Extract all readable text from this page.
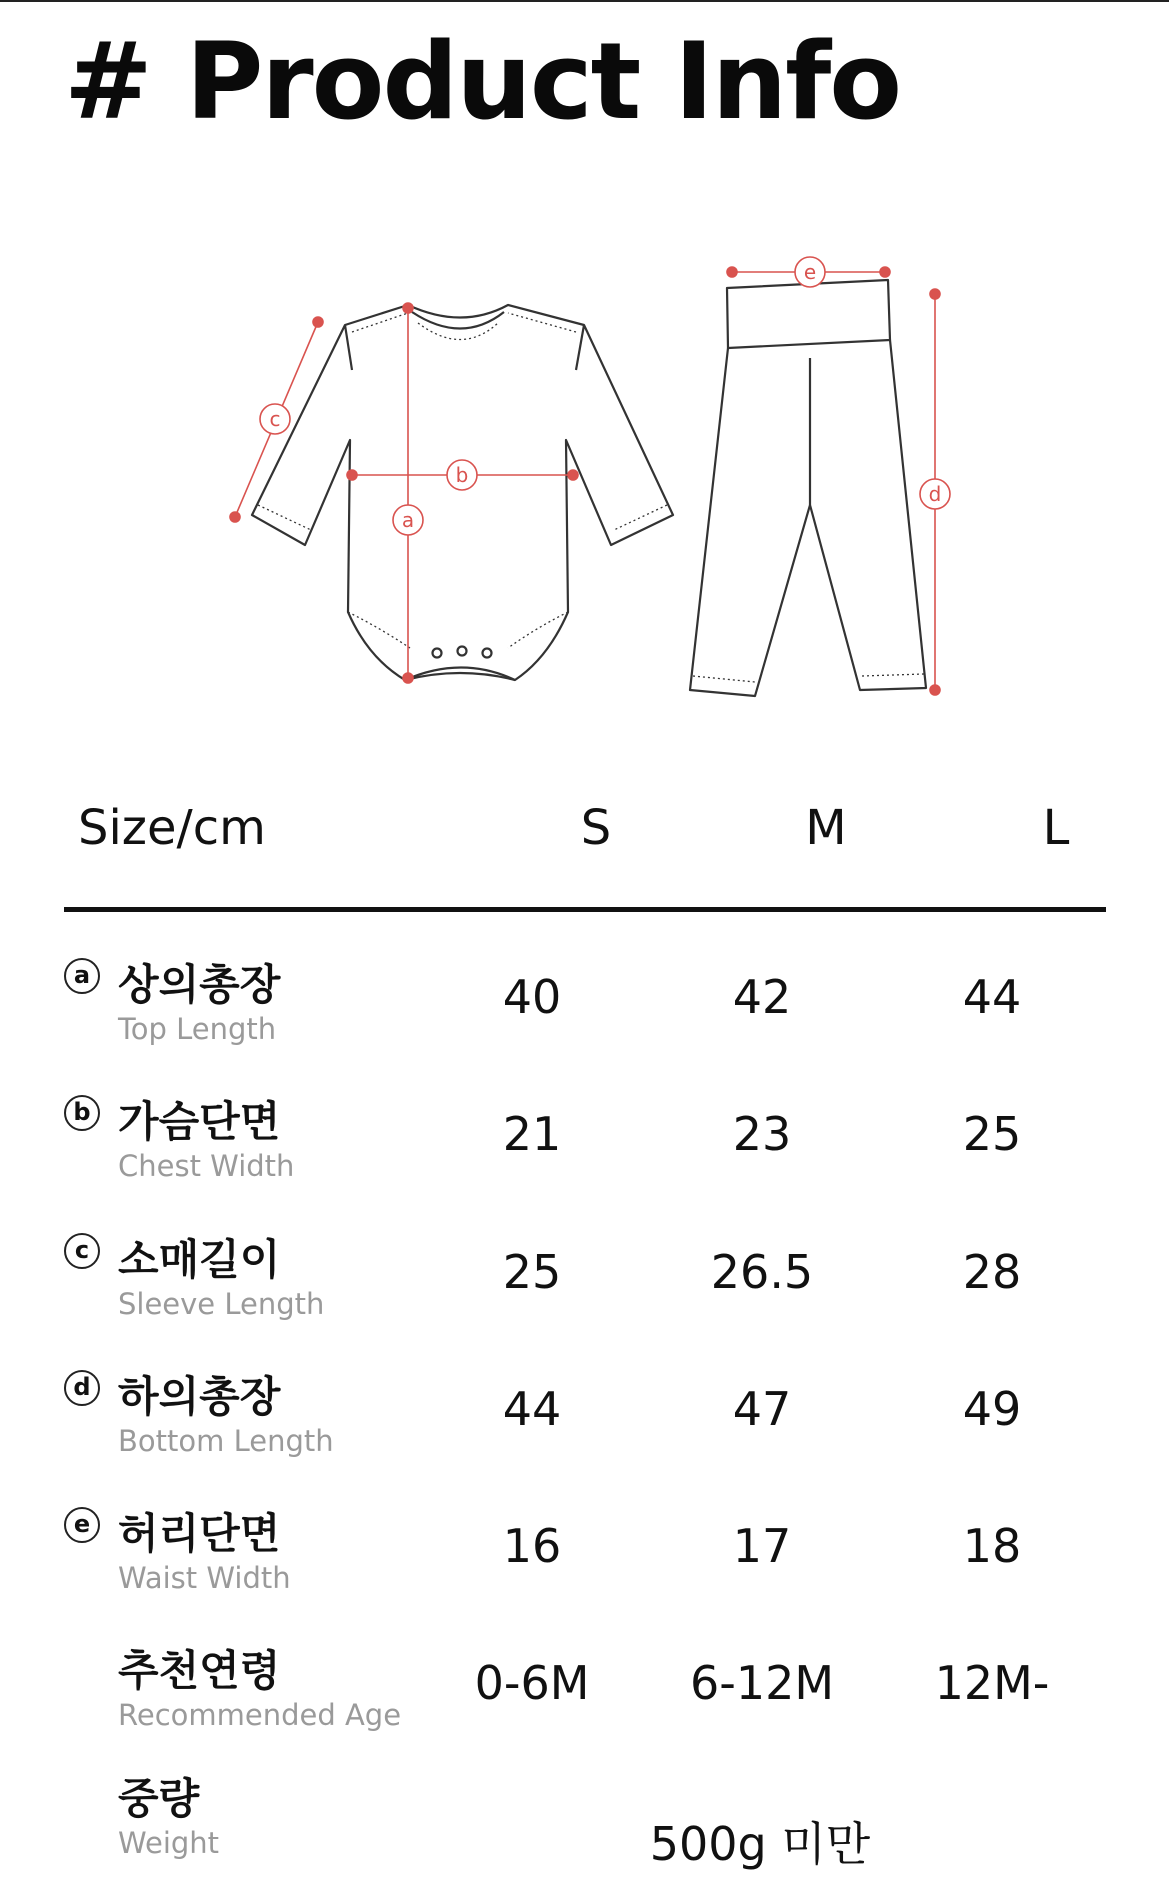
# Product Info
a
b
c
d
e
Size/cm	S	M	L
a 상의총장
Top Length
40	42	44
b 가슴단면
Chest Width
21	23	25
c 소매길이
Sleeve Length
25	26.5	28
d 하의총장
Bottom Length
44	47	49
e 허리단면
Waist Width
16	17	18
추천연령
Recommended Age
0-6M	6-12M	12M-
중량
Weight	500g 미만
